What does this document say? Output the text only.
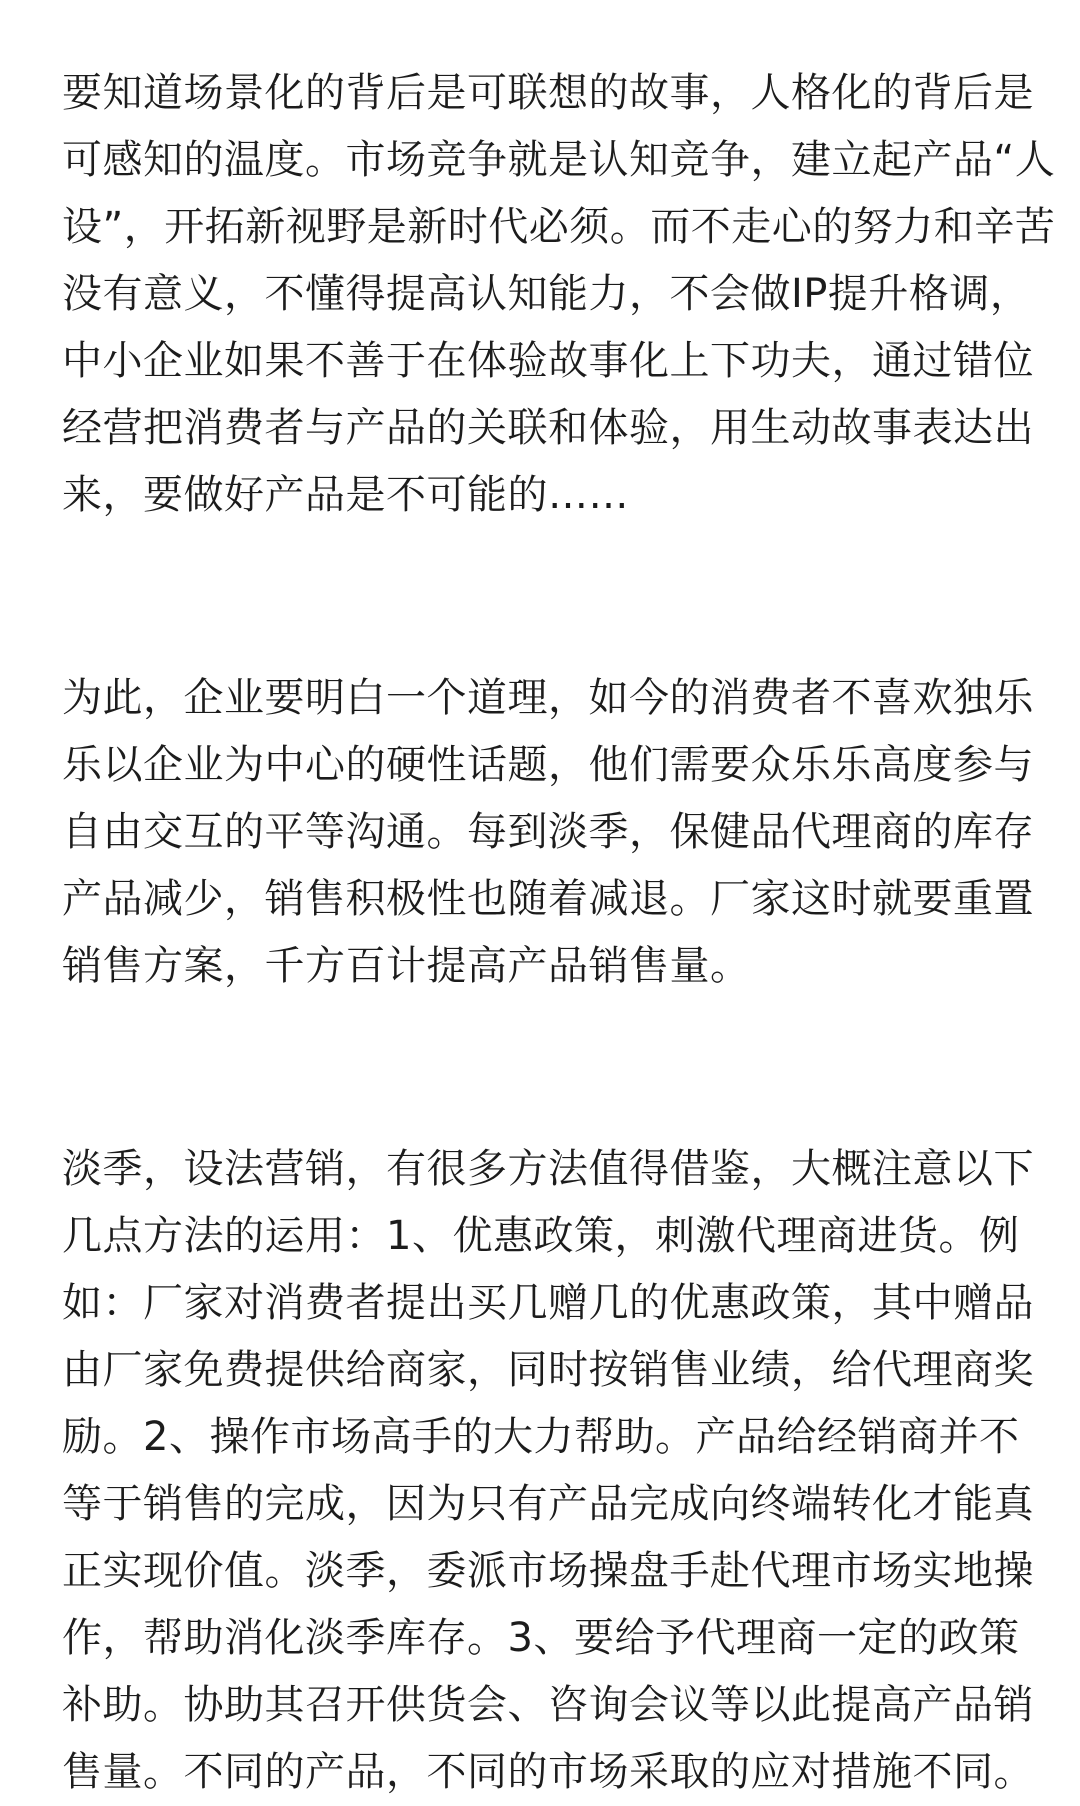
要知道场景化的背后是可联想的故事，人格化的背后是
可感知的温度。市场竞争就是认知竞争，建立起产品“人
设”，开拓新视野是新时代必须。而不走心的努力和辛苦
没有意义，不懂得提高认知能力，不会做IP提升格调，
中小企业如果不善于在体验故事化上下功夫，通过错位
经营把消费者与产品的关联和体验，用生动故事表达出
来，要做好产品是不可能的……

为此，企业要明白一个道理，如今的消费者不喜欢独乐
乐以企业为中心的硬性话题，他们需要众乐乐高度参与
自由交互的平等沟通。每到淡季，保健品代理商的库存
产品减少，销售积极性也随着减退。厂家这时就要重置
销售方案，千方百计提高产品销售量。

淡季，设法营销，有很多方法值得借鉴，大概注意以下
几点方法的运用：1、优惠政策，刺激代理商进货。例
如：厂家对消费者提出买几赠几的优惠政策，其中赠品
由厂家免费提供给商家，同时按销售业绩，给代理商奖
励。2、操作市场高手的大力帮助。产品给经销商并不
等于销售的完成，因为只有产品完成向终端转化才能真
正实现价值。淡季，委派市场操盘手赴代理市场实地操
作，帮助消化淡季库存。3、要给予代理商一定的政策
补助。协助其召开供货会、咨询会议等以此提高产品销
售量。不同的产品，不同的市场采取的应对措施不同。
